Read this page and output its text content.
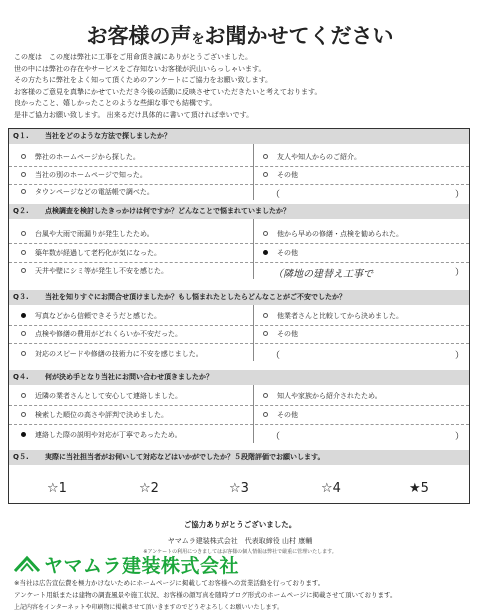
お客様の声をお聞かせてください
この度は　この度は弊社に工事をご用命頂き誠にありがとうございました。
世の中には弊社の存在やサービスをご存知ないお客様が沢山いらっしゃいます。
その方たちに弊社をよく知って頂くためのアンケートにご協力をお願い致します。
お客様のご意見を真摯にかせていただき今後の活動に反映させていただきたいと考えております。
良かったこと、嬉しかったことのような些細な事でも結構です。
是非ご協力お願い致します。 出来るだけ具体的に書いて頂ければ幸いです。
Q１. 当社をどのような方法で探しましたか？
弊社のホームページから探した。	友人や知人からのご紹介。
当社の別のホームページで知った。	その他
タウンページなどの電話帳で調べた。	（	）
Q２. 点検調査を検討したきっかけは何ですか？どんなことで悩まれていましたか？
台風や大雨で雨漏りが発生したため。	他から早めの修繕・点検を勧められた。
築年数が経過して老朽化が気になった。	その他
天井や壁にシミ等が発生し不安を感じた。	（隣地の建替え工事で	）
Q３. 当社を知りすぐにお問合せ頂けましたか？もし悩まれたとしたらどんなことがご不安でしたか？
写真などから信頼できそうだと感じた。	他業者さんと比較してから決めました。
点検や修繕の費用がどれくらいか不安だった。	その他
対応のスピードや修繕の技術力に不安を感じました。	（	）
Q４. 何が決め手となり当社にお問い合わせ頂きましたか？
近隣の業者さんとして安心して連絡しました。	知人や家族から紹介されたため。
検索した順位の高さや評判で決めました。	その他
連絡した際の説明や対応が丁寧であったため。	（	）
Q５. 実際に当社担当者がお伺いして対応などはいかがでしたか？５段階評価でお願いします。
☆1	☆2	☆3	☆4	★5
ご協力ありがとうございました。
ヤマムラ建装株式会社　代表取締役 山村 康輔
※アンケートの利用につきましてはお客様の個人情報は弊社で厳重に管理いたします。
ヤマムラ建装株式会社
※当社は広告宣伝費を極力かけないためにホームページに掲載してお客様への営業活動を行っております。
アンケート用紙または建物の調査風景や施工状況、お客様の顔写真を随時ブログ形式のホームページに掲載させて頂いております。
上記内容をインターネットや印刷物に掲載させて頂いきますのでどうぞよろしくお願いいたします。
